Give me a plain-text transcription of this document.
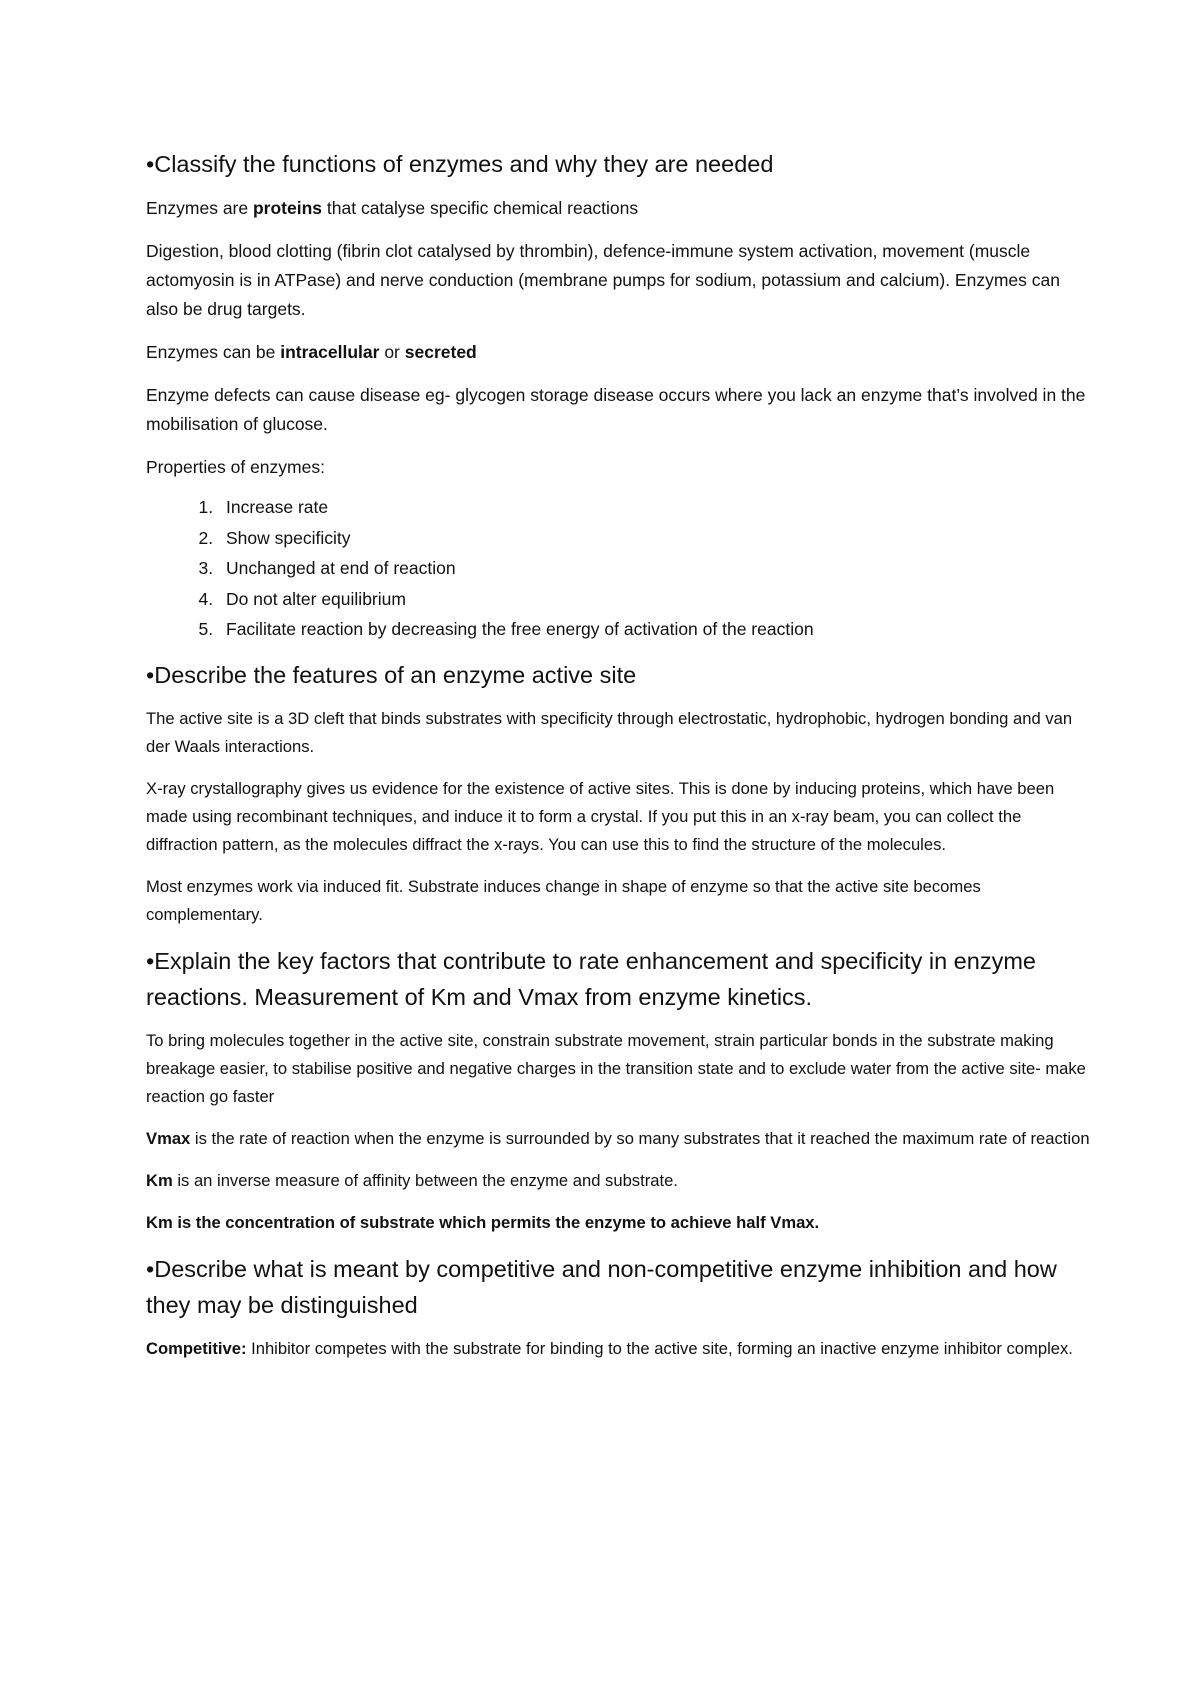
•Classify the functions of enzymes and why they are needed

Enzymes are proteins that catalyse specific chemical reactions

Digestion, blood clotting (fibrin clot catalysed by thrombin), defence-immune system activation, movement (muscle actomyosin is in ATPase) and nerve conduction (membrane pumps for sodium, potassium and calcium). Enzymes can also be drug targets.

Enzymes can be intracellular or secreted

Enzyme defects can cause disease eg- glycogen storage disease occurs where you lack an enzyme that’s involved in the mobilisation of glucose.

Properties of enzymes:

1. Increase rate
2. Show specificity
3. Unchanged at end of reaction
4. Do not alter equilibrium
5. Facilitate reaction by decreasing the free energy of activation of the reaction
•Describe the features of an enzyme active site

The active site is a 3D cleft that binds substrates with specificity through electrostatic, hydrophobic, hydrogen bonding and van der Waals interactions.

X-ray crystallography gives us evidence for the existence of active sites. This is done by inducing proteins, which have been made using recombinant techniques, and induce it to form a crystal. If you put this in an x-ray beam, you can collect the diffraction pattern, as the molecules diffract the x-rays. You can use this to find the structure of the molecules.

Most enzymes work via induced fit. Substrate induces change in shape of enzyme so that the active site becomes complementary.

•Explain the key factors that contribute to rate enhancement and specificity in enzyme reactions. Measurement of Km and Vmax from enzyme kinetics.

To bring molecules together in the active site, constrain substrate movement, strain particular bonds in the substrate making breakage easier, to stabilise positive and negative charges in the transition state and to exclude water from the active site- make reaction go faster

Vmax is the rate of reaction when the enzyme is surrounded by so many substrates that it reached the maximum rate of reaction

Km is an inverse measure of affinity between the enzyme and substrate.

Km is the concentration of substrate which permits the enzyme to achieve half Vmax.

•Describe what is meant by competitive and non-competitive enzyme inhibition and how they may be distinguished

Competitive: Inhibitor competes with the substrate for binding to the active site, forming an inactive enzyme inhibitor complex.
